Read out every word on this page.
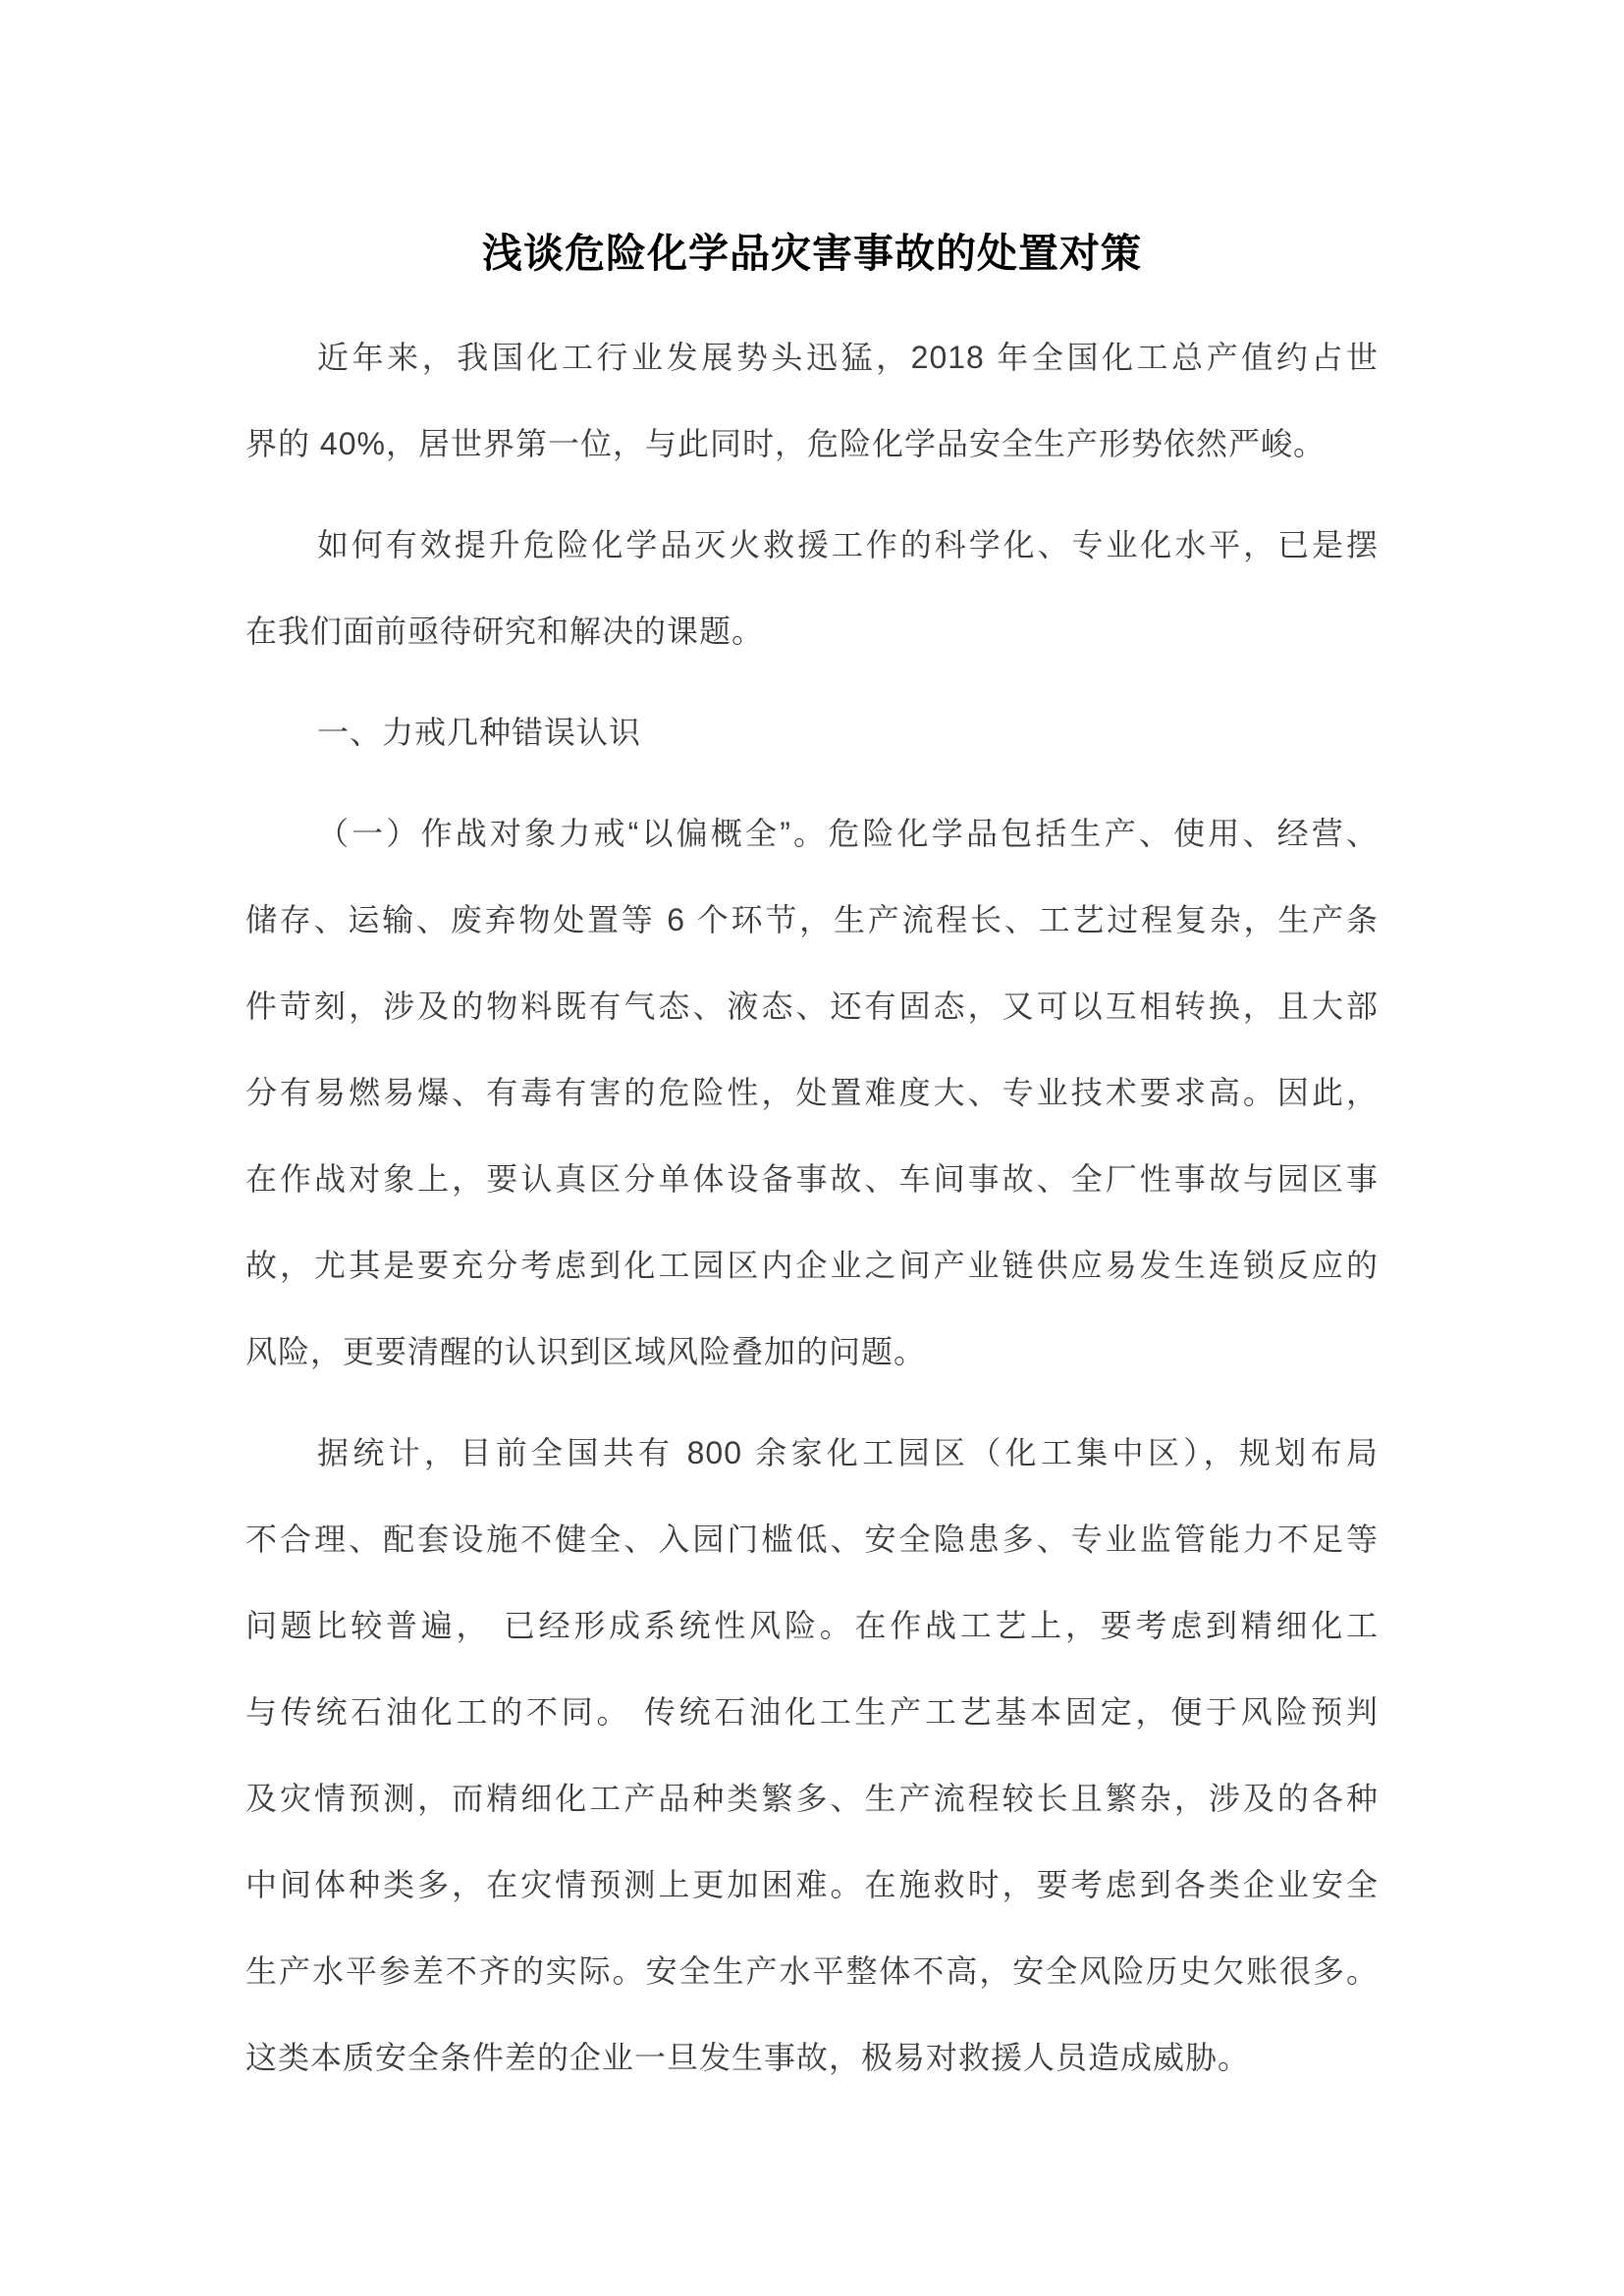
浅谈危险化学品灾害事故的处置对策
近年来，我国化工行业发展势头迅猛，2018 年全国化工总产值约占世
界的 40%，居世界第一位，与此同时，危险化学品安全生产形势依然严峻。
如何有效提升危险化学品灭火救援工作的科学化、专业化水平，已是摆
在我们面前亟待研究和解决的课题。
一、力戒几种错误认识
（一）作战对象力戒“以偏概全”。危险化学品包括生产、使用、经营、
储存、运输、废弃物处置等 6 个环节，生产流程长、工艺过程复杂，生产条
件苛刻，涉及的物料既有气态、液态、还有固态，又可以互相转换，且大部
分有易燃易爆、有毒有害的危险性，处置难度大、专业技术要求高。因此，
在作战对象上，要认真区分单体设备事故、车间事故、全厂性事故与园区事
故，尤其是要充分考虑到化工园区内企业之间产业链供应易发生连锁反应的
风险，更要清醒的认识到区域风险叠加的问题。
据统计，目前全国共有 800 余家化工园区（化工集中区），规划布局
不合理、配套设施不健全、入园门槛低、安全隐患多、专业监管能力不足等
问题比较普遍， 已经形成系统性风险。在作战工艺上，要考虑到精细化工
与传统石油化工的不同。 传统石油化工生产工艺基本固定，便于风险预判
及灾情预测，而精细化工产品种类繁多、生产流程较长且繁杂，涉及的各种
中间体种类多，在灾情预测上更加困难。在施救时，要考虑到各类企业安全
生产水平参差不齐的实际。安全生产水平整体不高，安全风险历史欠账很多。
这类本质安全条件差的企业一旦发生事故，极易对救援人员造成威胁。
